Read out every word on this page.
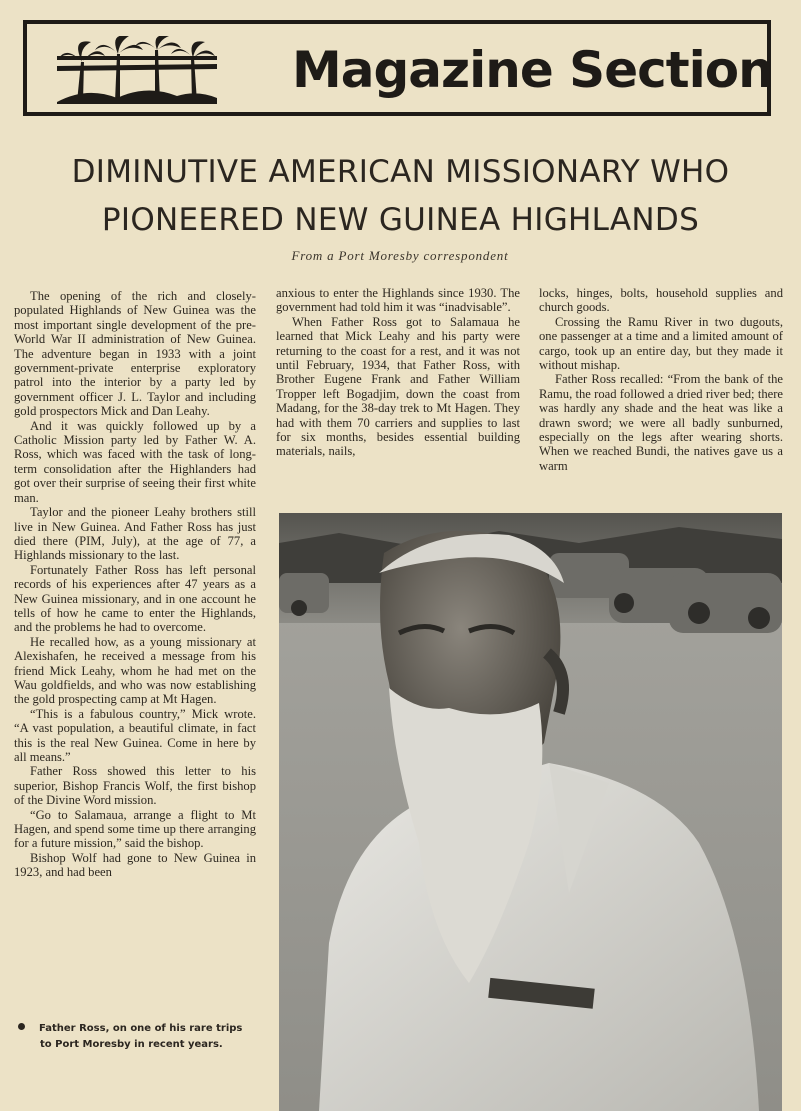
Magazine Section
DIMINUTIVE AMERICAN MISSIONARY WHO
PIONEERED NEW GUINEA HIGHLANDS
From a Port Moresby correspondent

The opening of the rich and closely-populated Highlands of New Guinea was the most important single development of the pre-World War II administration of New Guinea. The adventure began in 1933 with a joint government-private enterprise exploratory patrol into the interior by a party led by government officer J. L. Taylor and including gold prospectors Mick and Dan Leahy.

And it was quickly followed up by a Catholic Mission party led by Father W. A. Ross, which was faced with the task of long-term consolidation after the Highlanders had got over their surprise of seeing their first white man.

Taylor and the pioneer Leahy brothers still live in New Guinea. And Father Ross has just died there (PIM, July), at the age of 77, a Highlands missionary to the last.

Fortunately Father Ross has left personal records of his experiences after 47 years as a New Guinea missionary, and in one account he tells of how he came to enter the Highlands, and the problems he had to overcome.

He recalled how, as a young missionary at Alexishafen, he received a message from his friend Mick Leahy, whom he had met on the Wau goldfields, and who was now establishing the gold prospecting camp at Mt Hagen.

“This is a fabulous country,” Mick wrote. “A vast population, a beautiful climate, in fact this is the real New Guinea. Come in here by all means.”

Father Ross showed this letter to his superior, Bishop Francis Wolf, the first bishop of the Divine Word mission.

“Go to Salamaua, arrange a flight to Mt Hagen, and spend some time up there arranging for a future mission,” said the bishop.

Bishop Wolf had gone to New Guinea in 1923, and had been

anxious to enter the Highlands since 1930. The government had told him it was “inadvisable”.

When Father Ross got to Salamaua he learned that Mick Leahy and his party were returning to the coast for a rest, and it was not until February, 1934, that Father Ross, with Brother Eugene Frank and Father William Tropper left Bogadjim, down the coast from Madang, for the 38-day trek to Mt Hagen. They had with them 70 carriers and supplies to last for six months, besides essential building materials, nails,

locks, hinges, bolts, household supplies and church goods.

Crossing the Ramu River in two dugouts, one passenger at a time and a limited amount of cargo, took up an entire day, but they made it without mishap.

Father Ross recalled: “From the bank of the Ramu, the road followed a dried river bed; there was hardly any shade and the heat was like a drawn sword; we were all badly sunburned, especially on the legs after wearing shorts. When we reached Bundi, the natives gave us a warm

Father Ross, on one of his rare trips
to Port Moresby in recent years.
